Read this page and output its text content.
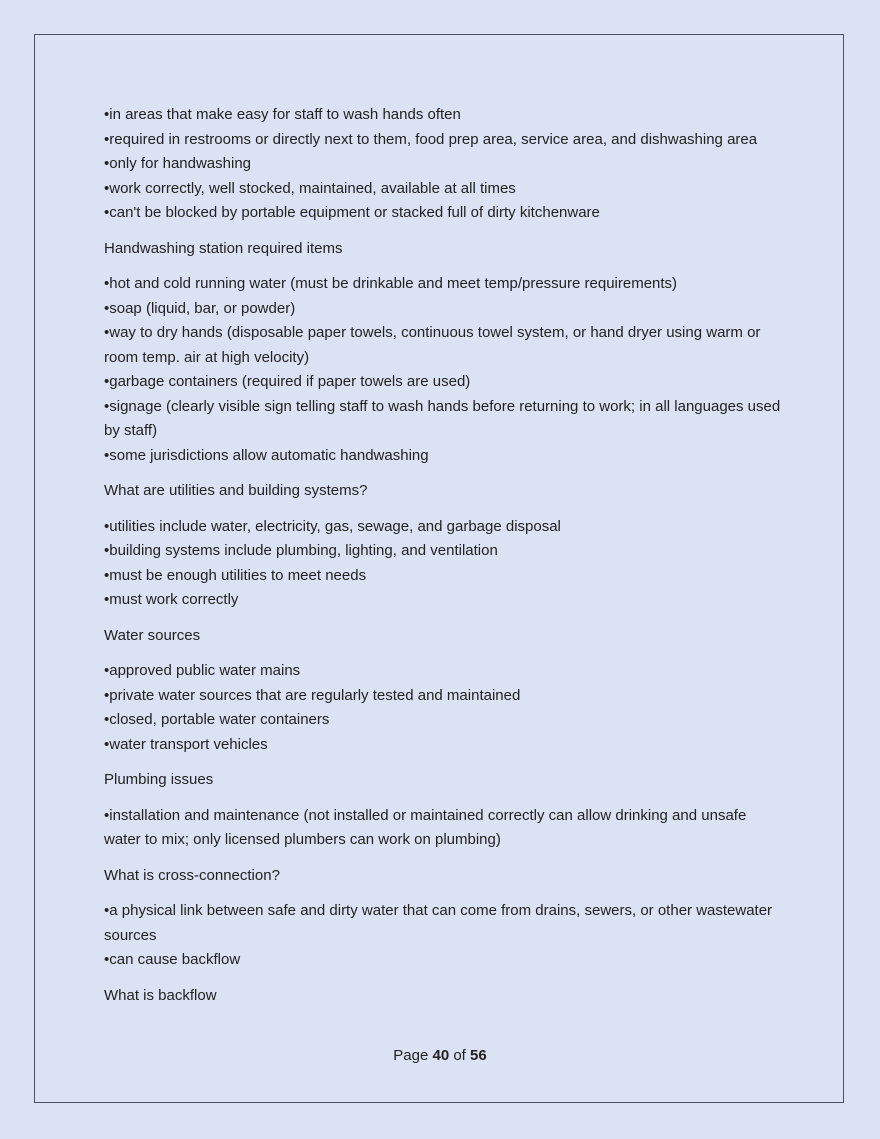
•in areas that make easy for staff to wash hands often
•required in restrooms or directly next to them, food prep area, service area, and dishwashing area
•only for handwashing
•work correctly, well stocked, maintained, available at all times
•can't be blocked by portable equipment or stacked full of dirty kitchenware
Handwashing station required items
•hot and cold running water (must be drinkable and meet temp/pressure requirements)
•soap (liquid, bar, or powder)
•way to dry hands (disposable paper towels, continuous towel system, or hand dryer using warm or room temp. air at high velocity)
•garbage containers (required if paper towels are used)
•signage (clearly visible sign telling staff to wash hands before returning to work; in all languages used by staff)
•some jurisdictions allow automatic handwashing
What are utilities and building systems?
•utilities include water, electricity, gas, sewage, and garbage disposal
•building systems include plumbing, lighting, and ventilation
•must be enough utilities to meet needs
•must work correctly
Water sources
•approved public water mains
•private water sources that are regularly tested and maintained
•closed, portable water containers
•water transport vehicles
Plumbing issues
•installation and maintenance (not installed or maintained correctly can allow drinking and unsafe water to mix; only licensed plumbers can work on plumbing)
What is cross-connection?
•a physical link between safe and dirty water that can come from drains, sewers, or other wastewater sources
•can cause backflow
What is backflow
Page 40 of 56
